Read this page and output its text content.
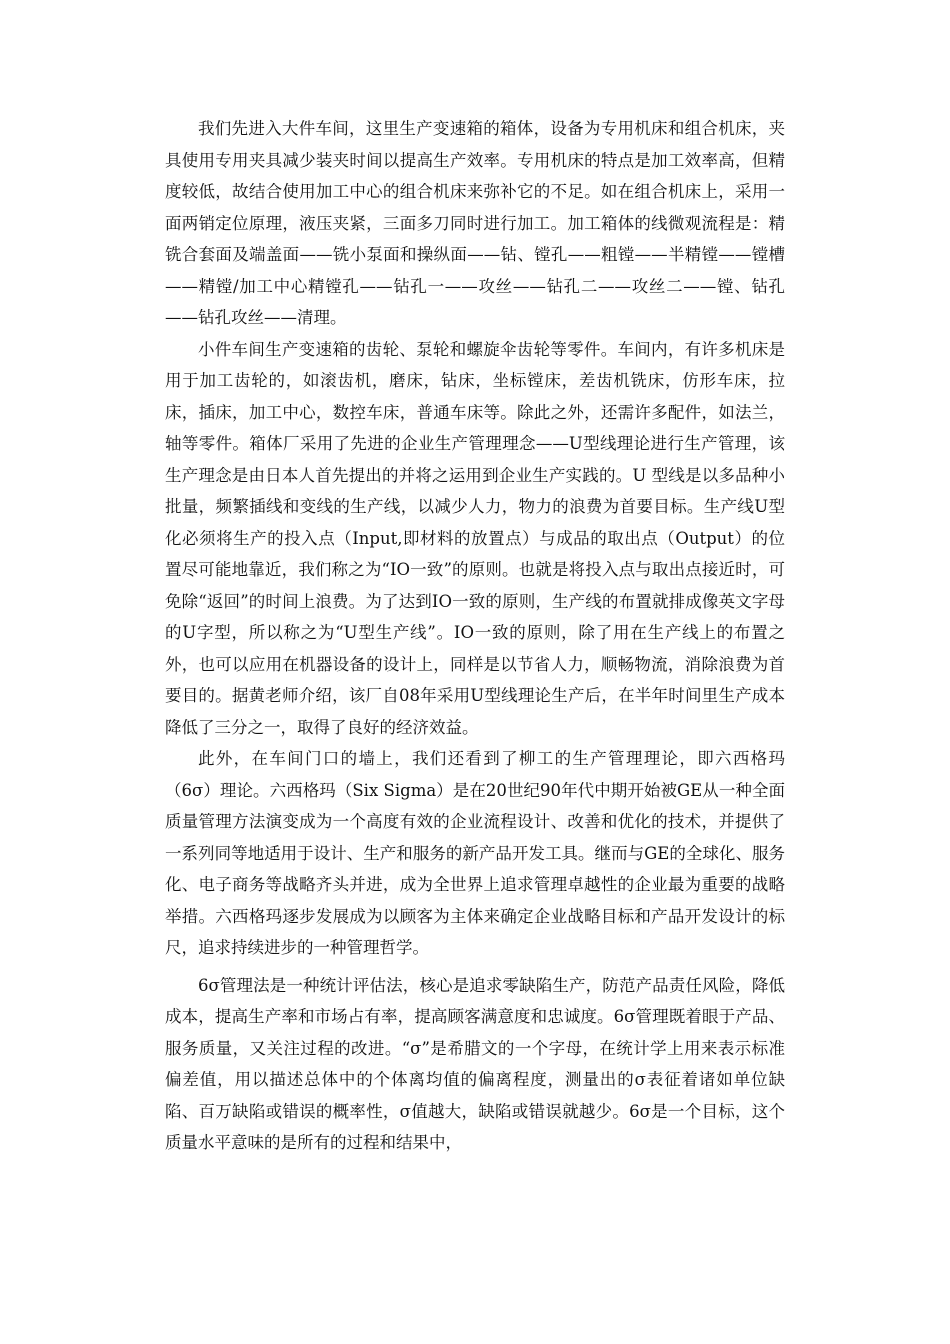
我们先进入大件车间，这里生产变速箱的箱体，设备为专用机床和组合机床，夹具使用专用夹具减少装夹时间以提高生产效率。专用机床的特点是加工效率高，但精度较低，故结合使用加工中心的组合机床来弥补它的不足。如在组合机床上，采用一面两销定位原理，液压夹紧，三面多刀同时进行加工。加工箱体的线微观流程是：精铣合套面及端盖面——铣小泵面和操纵面——钻、镗孔——粗镗——半精镗——镗槽——精镗/加工中心精镗孔——钻孔一——攻丝——钻孔二——攻丝二——镗、钻孔——钻孔攻丝——清理。

小件车间生产变速箱的齿轮、泵轮和螺旋伞齿轮等零件。车间内，有许多机床是用于加工齿轮的，如滚齿机，磨床，钻床，坐标镗床，差齿机铣床，仿形车床，拉床，插床，加工中心，数控车床，普通车床等。除此之外，还需许多配件，如法兰，轴等零件。箱体厂采用了先进的企业生产管理理念——U型线理论进行生产管理，该生产理念是由日本人首先提出的并将之运用到企业生产实践的。U 型线是以多品种小批量，频繁插线和变线的生产线，以减少人力，物力的浪费为首要目标。生产线U型化必须将生产的投入点（Input,即材料的放置点）与成品的取出点（Output）的位置尽可能地靠近，我们称之为“IO一致”的原则。也就是将投入点与取出点接近时，可免除“返回”的时间上浪费。为了达到IO一致的原则，生产线的布置就排成像英文字母的U字型，所以称之为“U型生产线”。IO一致的原则，除了用在生产线上的布置之外，也可以应用在机器设备的设计上，同样是以节省人力，顺畅物流，消除浪费为首要目的。据黄老师介绍，该厂自08年采用U型线理论生产后，在半年时间里生产成本降低了三分之一，取得了良好的经济效益。

此外，在车间门口的墙上，我们还看到了柳工的生产管理理论，即六西格玛（6σ）理论。六西格玛（Six Sigma）是在20世纪90年代中期开始被GE从一种全面质量管理方法演变成为一个高度有效的企业流程设计、改善和优化的技术，并提供了一系列同等地适用于设计、生产和服务的新产品开发工具。继而与GE的全球化、服务化、电子商务等战略齐头并进，成为全世界上追求管理卓越性的企业最为重要的战略举措。六西格玛逐步发展成为以顾客为主体来确定企业战略目标和产品开发设计的标尺，追求持续进步的一种管理哲学。

6σ管理法是一种统计评估法，核心是追求零缺陷生产，防范产品责任风险，降低成本，提高生产率和市场占有率，提高顾客满意度和忠诚度。6σ管理既着眼于产品、服务质量，又关注过程的改进。“σ”是希腊文的一个字母，在统计学上用来表示标准偏差值，用以描述总体中的个体离均值的偏离程度，测量出的σ表征着诸如单位缺陷、百万缺陷或错误的概率性，σ值越大，缺陷或错误就越少。6σ是一个目标，这个质量水平意味的是所有的过程和结果中，
